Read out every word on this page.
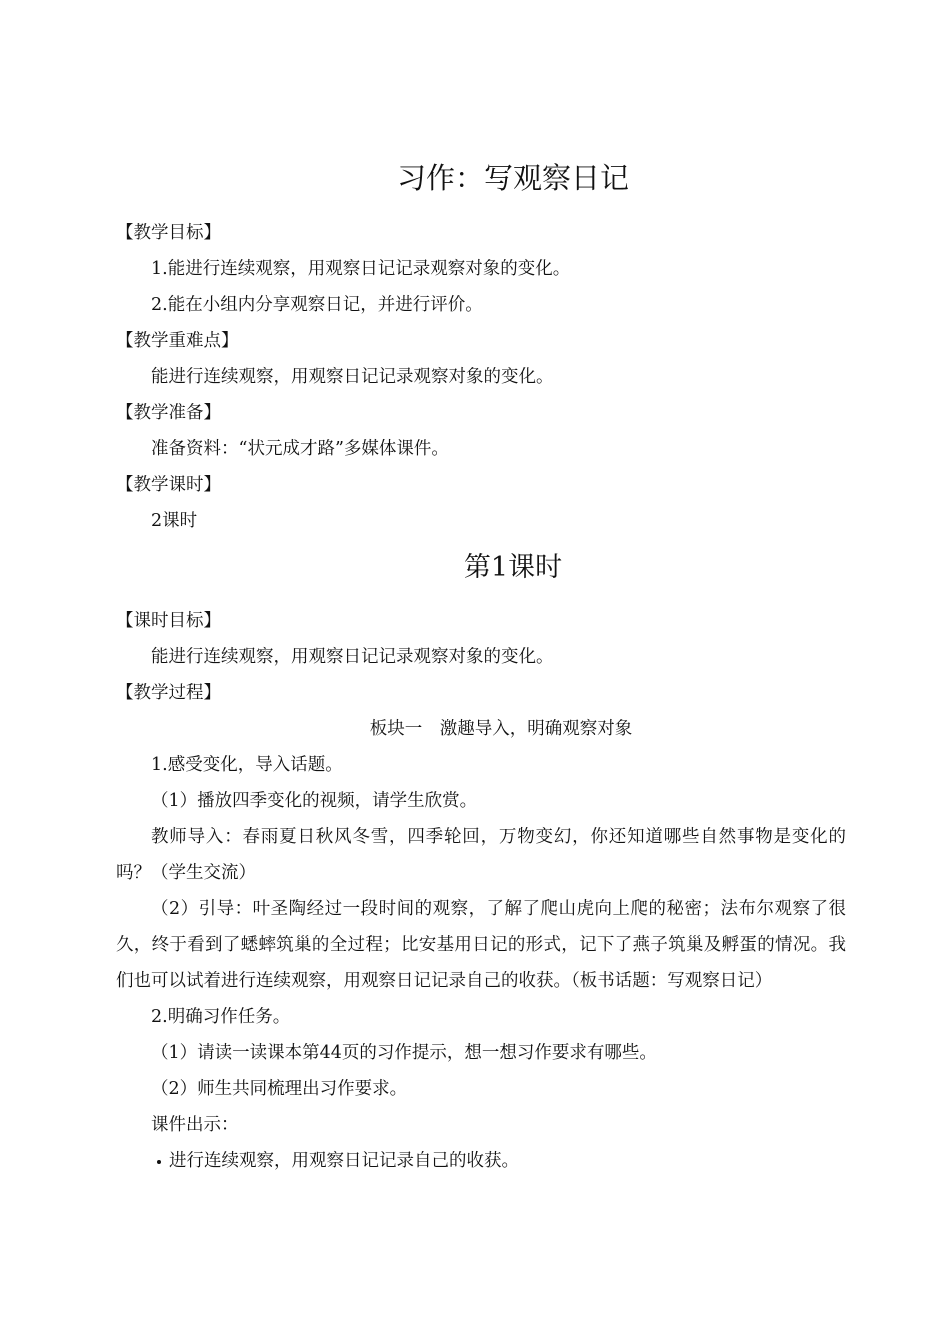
习作：写观察日记
【教学目标】
1.能进行连续观察，用观察日记记录观察对象的变化。
2.能在小组内分享观察日记，并进行评价。
【教学重难点】
能进行连续观察，用观察日记记录观察对象的变化。
【教学准备】
准备资料：“状元成才路”多媒体课件。
【教学课时】
2课时
【课时目标】
能进行连续观察，用观察日记记录观察对象的变化。
【教学过程】
板块一　激趣导入，明确观察对象
1.感受变化，导入话题。
（1）播放四季变化的视频，请学生欣赏。
教师导入：春雨夏日秋风冬雪，四季轮回，万物变幻，你还知道哪些自然事物是变化的吗？（学生交流）
（2）引导：叶圣陶经过一段时间的观察，了解了爬山虎向上爬的秘密；法布尔观察了很久，终于看到了蟋蟀筑巢的全过程；比安基用日记的形式，记下了燕子筑巢及孵蛋的情况。我们也可以试着进行连续观察，用观察日记记录自己的收获。（板书话题：写观察日记）
2.明确习作任务。
（1）请读一读课本第44页的习作提示，想一想习作要求有哪些。
（2）师生共同梳理出习作要求。
课件出示：
进行连续观察，用观察日记记录自己的收获。
第1课时
